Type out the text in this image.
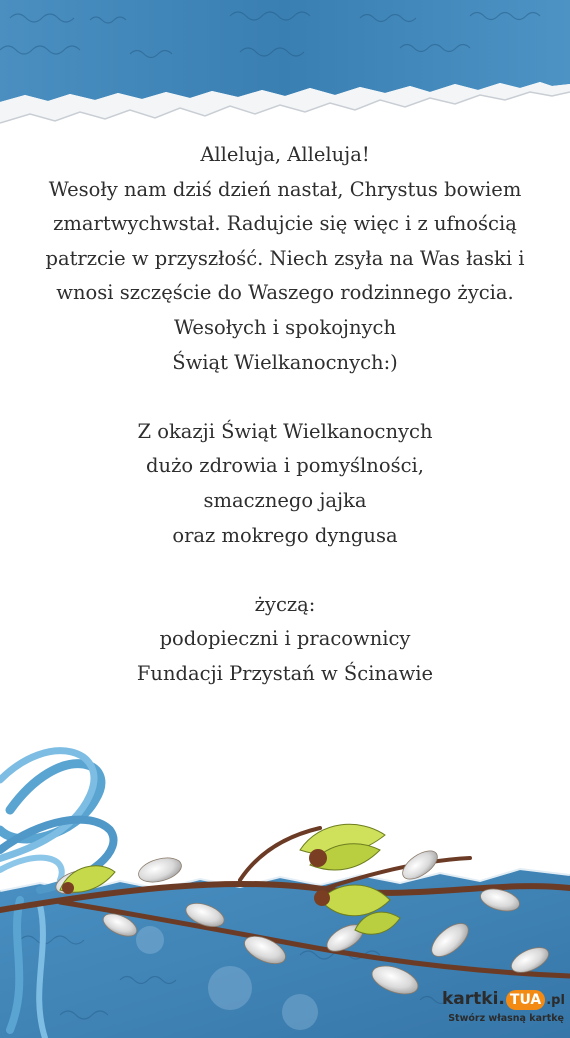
Alleluja, Alleluja!
Wesoły nam dziś dzień nastał, Chrystus bowiem
zmartwychwstał. Radujcie się więc i z ufnością
patrzcie w przyszłość. Niech zsyła na Was łaski i
wnosi szczęście do Waszego rodzinnego życia.
Wesołych i spokojnych
Świąt Wielkanocnych:)
Z okazji Świąt Wielkanocnych
dużo zdrowia i pomyślności,
smacznego jajka
oraz mokrego dyngusa
życzą:
podopieczni i pracownicy
Fundacji Przystań w Ścinawie
kartki. TUA .pl
Stwórz własną kartkę
